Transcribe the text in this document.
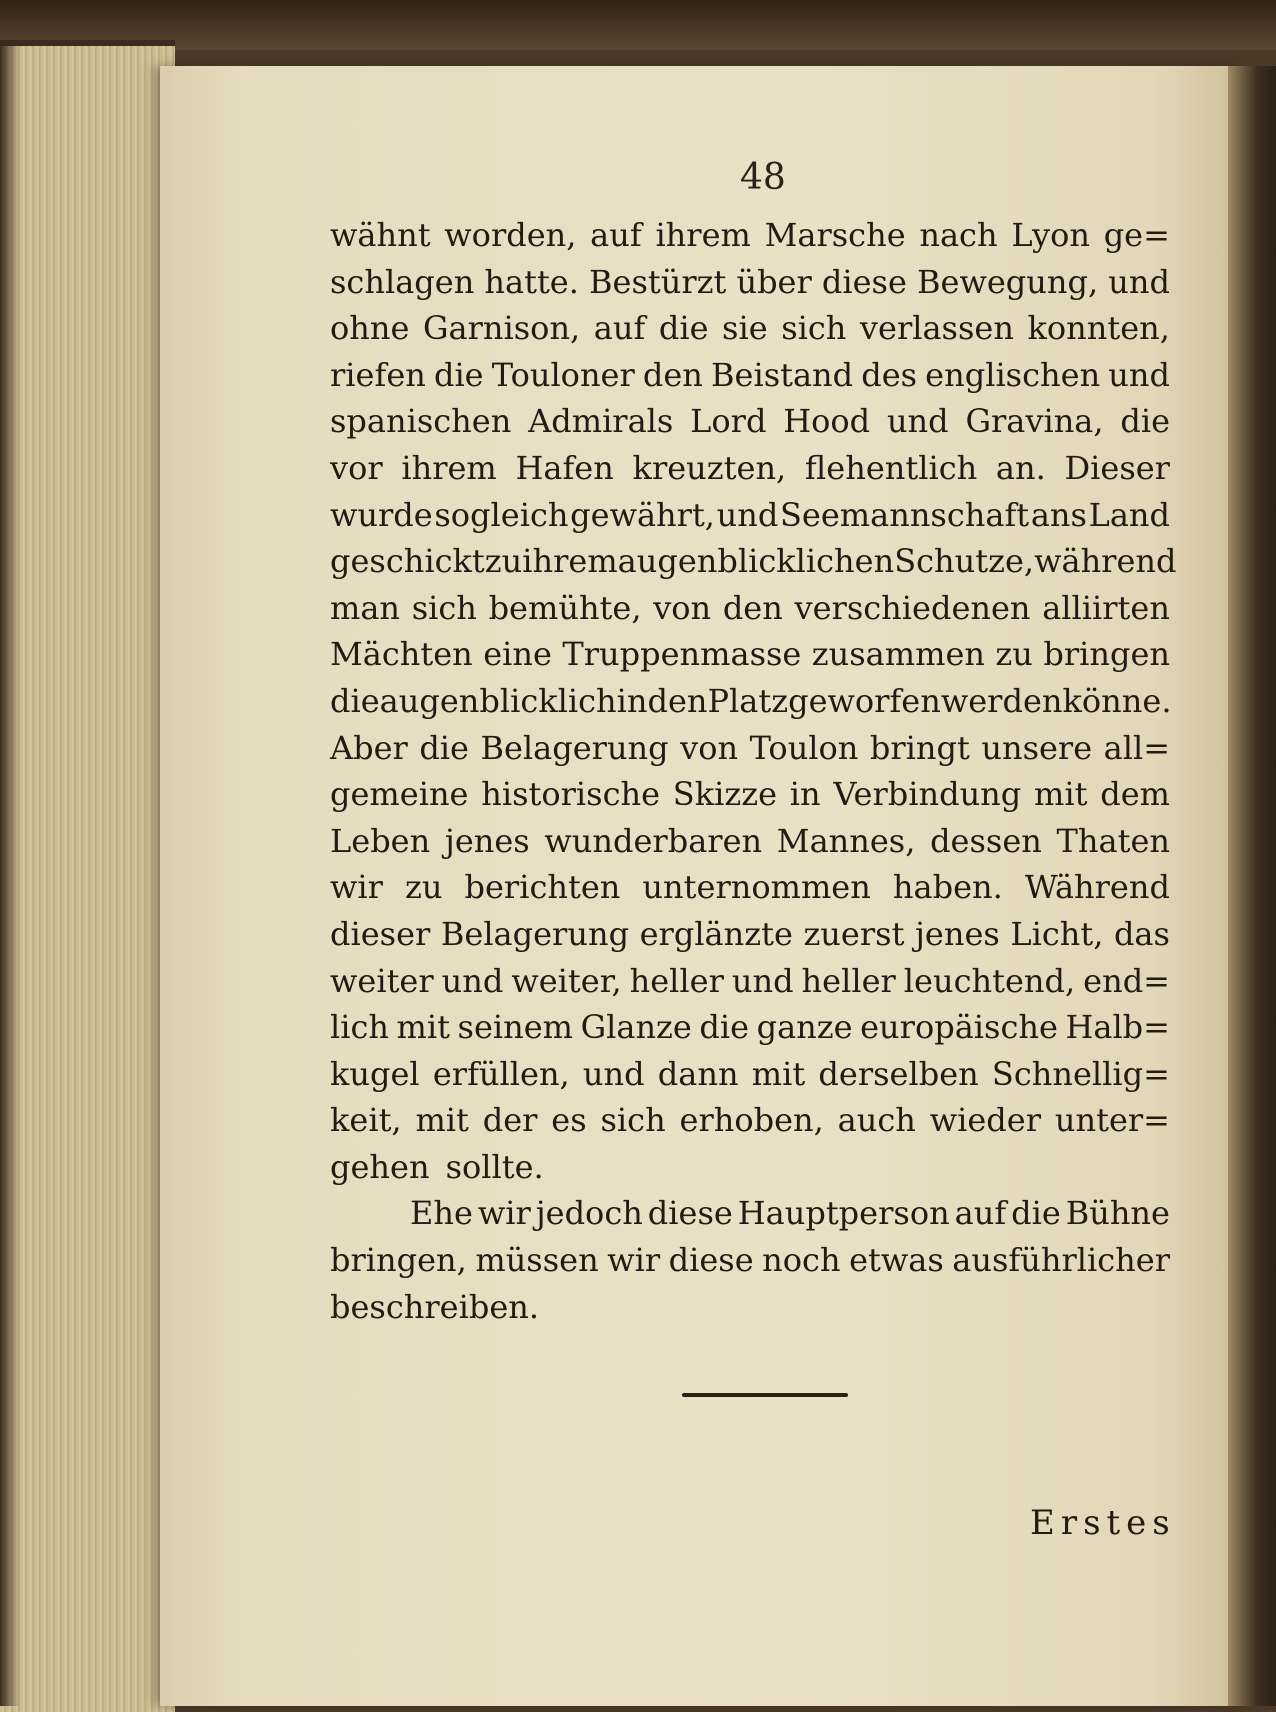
48
wähnt worden, auf ihrem Marsche nach Lyon ge=
schlagen hatte. Bestürzt über diese Bewegung, und
ohne Garnison, auf die sie sich verlassen konnten,
riefen die Touloner den Beistand des englischen und
spanischen Admirals Lord Hood und Gravina, die
vor ihrem Hafen kreuzten, flehentlich an. Dieser
wurde sogleich gewährt, und Seemannschaft ans Land
geschickt zu ihrem augenblicklichen Schutze, während
man sich bemühte, von den verschiedenen alliirten
Mächten eine Truppenmasse zusammen zu bringen
die augenblicklich in den Platz geworfen werden könne.
Aber die Belagerung von Toulon bringt unsere all=
gemeine historische Skizze in Verbindung mit dem
Leben jenes wunderbaren Mannes, dessen Thaten
wir zu berichten unternommen haben. Während
dieser Belagerung erglänzte zuerst jenes Licht, das
weiter und weiter, heller und heller leuchtend, end=
lich mit seinem Glanze die ganze europäische Halb=
kugel erfüllen, und dann mit derselben Schnellig=
keit, mit der es sich erhoben, auch wieder unter=
gehen sollte.
Ehe wir jedoch diese Hauptperson auf die Bühne
bringen, müssen wir diese noch etwas ausführlicher
beschreiben.
Erstes
